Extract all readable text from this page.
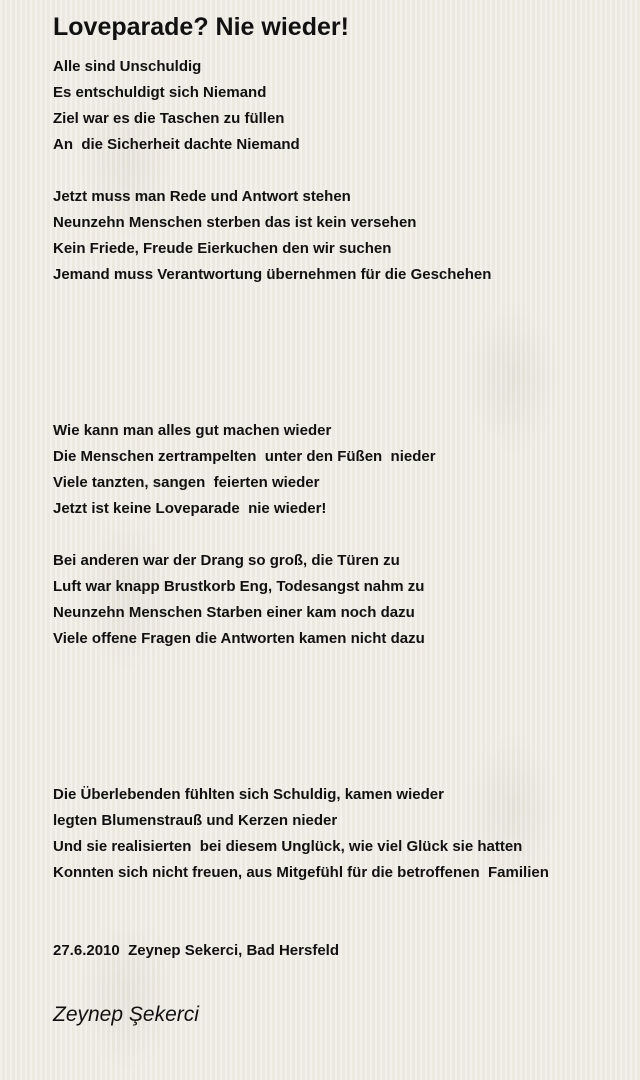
Loveparade? Nie wieder!
Alle sind Unschuldig
Es entschuldigt sich Niemand
Ziel war es die Taschen zu füllen
An  die Sicherheit dachte Niemand
Jetzt muss man Rede und Antwort stehen
Neunzehn Menschen sterben das ist kein versehen
Kein Friede, Freude Eierkuchen den wir suchen
Jemand muss Verantwortung übernehmen für die Geschehen
Wie kann man alles gut machen wieder
Die Menschen zertrampelten  unter den Füßen  nieder
Viele tanzten, sangen  feierten wieder
Jetzt ist keine Loveparade  nie wieder!
Bei anderen war der Drang so groß, die Türen zu
Luft war knapp Brustkorb Eng, Todesangst nahm zu
Neunzehn Menschen Starben einer kam noch dazu
Viele offene Fragen die Antworten kamen nicht dazu
Die Überlebenden fühlten sich Schuldig, kamen wieder
legten Blumenstrauß und Kerzen nieder
Und sie realisierten  bei diesem Unglück, wie viel Glück sie hatten
Konnten sich nicht freuen, aus Mitgefühl für die betroffenen  Familien
27.6.2010  Zeynep Sekerci, Bad Hersfeld
Zeynep Şekerci
